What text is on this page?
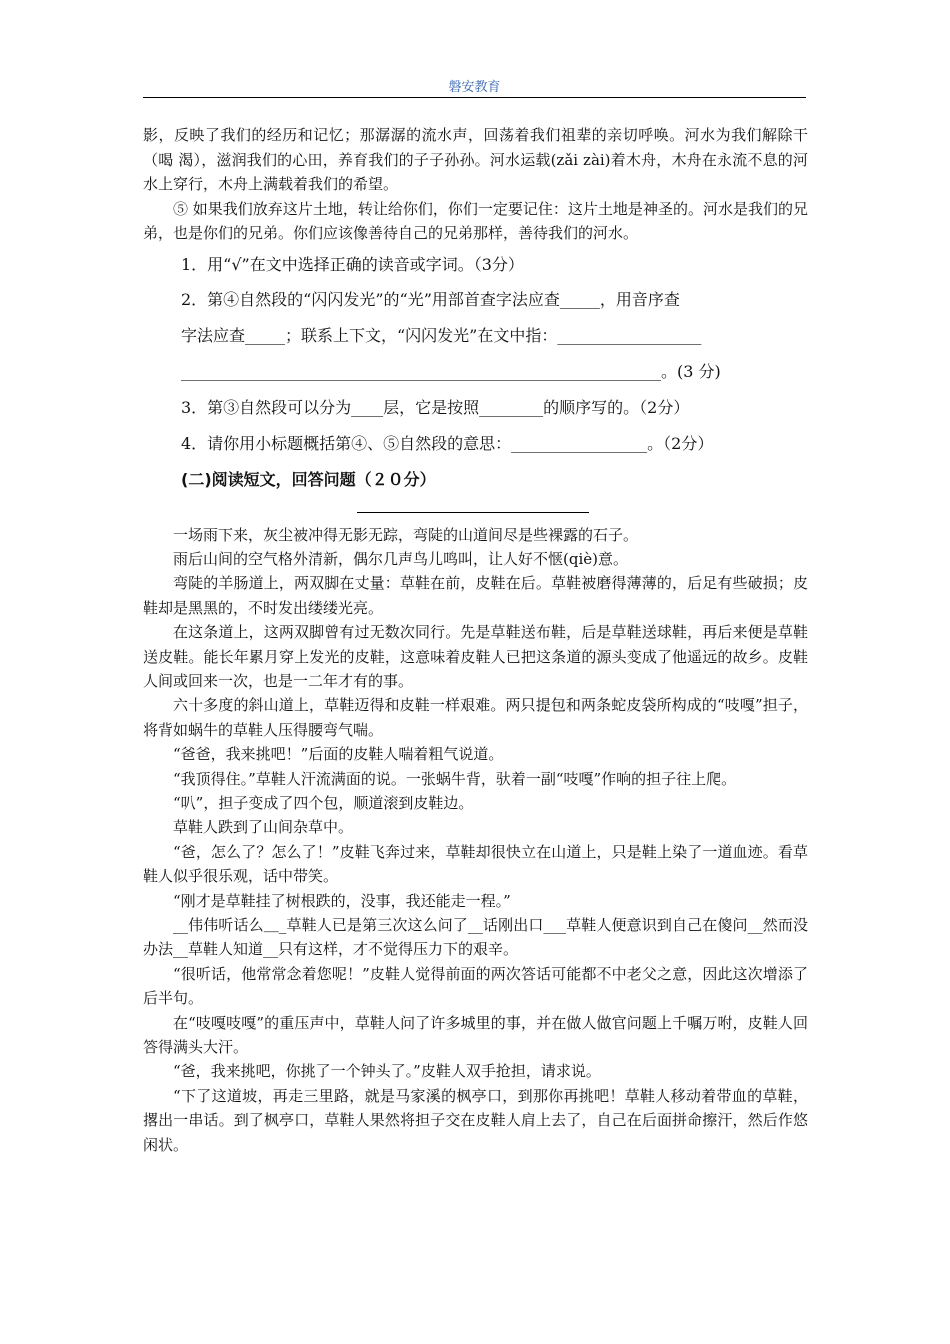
磐安教育

影，反映了我们的经历和记忆；那潺潺的流水声，回荡着我们祖辈的亲切呼唤。河水为我们解除干（喝 渴），滋润我们的心田，养育我们的子子孙孙。河水运载(zǎi zài)着木舟，木舟在永流不息的河水上穿行，木舟上满载着我们的希望。

⑤ 如果我们放弃这片土地，转让给你们，你们一定要记住：这片土地是神圣的。河水是我们的兄弟，也是你们的兄弟。你们应该像善待自己的兄弟那样，善待我们的河水。

1．用“√”在文中选择正确的读音或字词。（3分）

2．第④自然段的“闪闪发光”的“光”用部首查字法应查_____，用音序查

字法应查_____；联系上下文，“闪闪发光”在文中指：__________________

____________________________________________________________。(3 分)

3．第③自然段可以分为____层，它是按照________的顺序写的。（2分）

4．请你用小标题概括第④、⑤自然段的意思：_________________。（2分）

(二)阅读短文，回答问题（２０分）

一场雨下来，灰尘被冲得无影无踪，弯陡的山道间尽是些裸露的石子。

雨后山间的空气格外清新，偶尔几声鸟儿鸣叫，让人好不惬(qiè)意。

弯陡的羊肠道上，两双脚在丈量：草鞋在前，皮鞋在后。草鞋被磨得薄薄的，后足有些破损；皮鞋却是黑黑的，不时发出缕缕光亮。

在这条道上，这两双脚曾有过无数次同行。先是草鞋送布鞋，后是草鞋送球鞋，再后来便是草鞋送皮鞋。能长年累月穿上发光的皮鞋，这意味着皮鞋人已把这条道的源头变成了他遥远的故乡。皮鞋人间或回来一次，也是一二年才有的事。

六十多度的斜山道上，草鞋迈得和皮鞋一样艰难。两只提包和两条蛇皮袋所构成的“吱嘎”担子，将背如蜗牛的草鞋人压得腰弯气喘。

“爸爸，我来挑吧！”后面的皮鞋人喘着粗气说道。

“我顶得住。”草鞋人汗流满面的说。一张蜗牛背，驮着一副“吱嘎”作响的担子往上爬。

“叭”，担子变成了四个包，顺道滚到皮鞋边。

草鞋人跌到了山间杂草中。

“爸，怎么了？怎么了！”皮鞋飞奔过来，草鞋却很快立在山道上，只是鞋上染了一道血迹。看草鞋人似乎很乐观，话中带笑。

“刚才是草鞋挂了树根跌的，没事，我还能走一程。”

__伟伟听话么＿_草鞋人已是第三次这么问了__话刚出口___草鞋人便意识到自己在傻问__然而没办法__草鞋人知道__只有这样，才不觉得压力下的艰辛。

“很听话，他常常念着您呢！”皮鞋人觉得前面的两次答话可能都不中老父之意，因此这次增添了后半句。

在“吱嘎吱嘎”的重压声中，草鞋人问了许多城里的事，并在做人做官问题上千嘱万咐，皮鞋人回答得满头大汗。

“爸，我来挑吧，你挑了一个钟头了。”皮鞋人双手抢担，请求说。

“下了这道坡，再走三里路，就是马家溪的枫亭口，到那你再挑吧！草鞋人移动着带血的草鞋，撂出一串话。到了枫亭口，草鞋人果然将担子交在皮鞋人肩上去了，自己在后面拼命擦汗，然后作悠闲状。
